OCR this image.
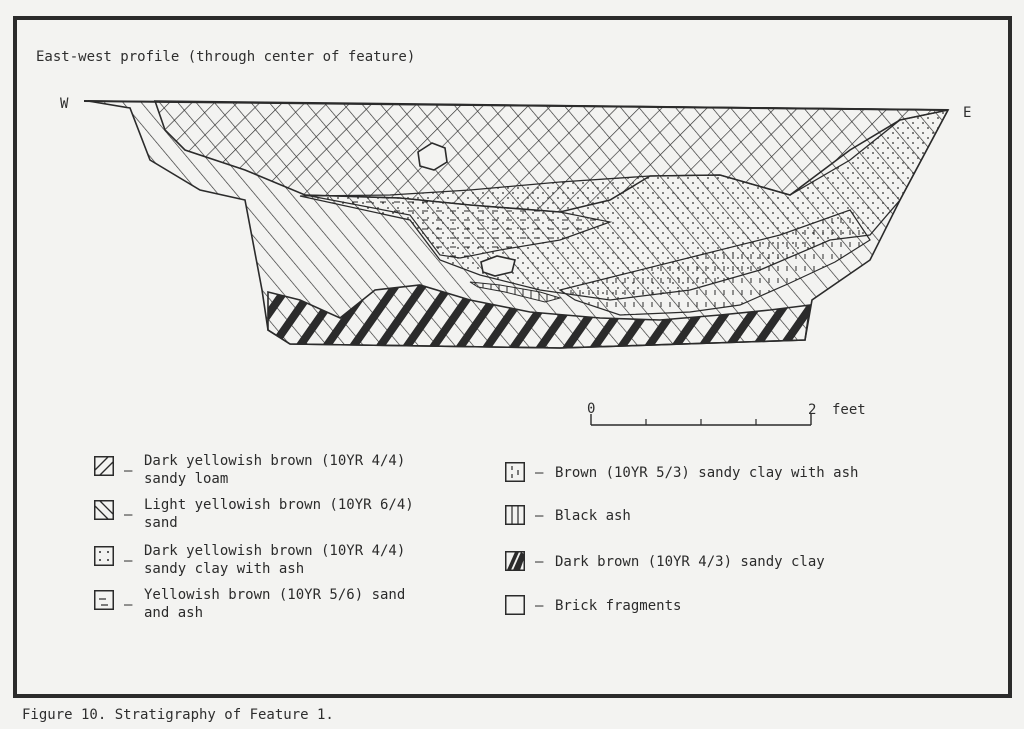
East-west profile (through center of feature)
W
E
0	2 feet
–
Dark yellowish brown (10YR 4/4)
sandy loam
–
Light yellowish brown (10YR 6/4)
sand
–
Dark yellowish brown (10YR 4/4)
sandy clay with ash
–
Yellowish brown (10YR 5/6) sand
and ash
– Brown (10YR 5/3) sandy clay with ash
– Black ash
– Dark brown (10YR 4/3) sandy clay
– Brick fragments
Figure 10. Stratigraphy of Feature 1.
